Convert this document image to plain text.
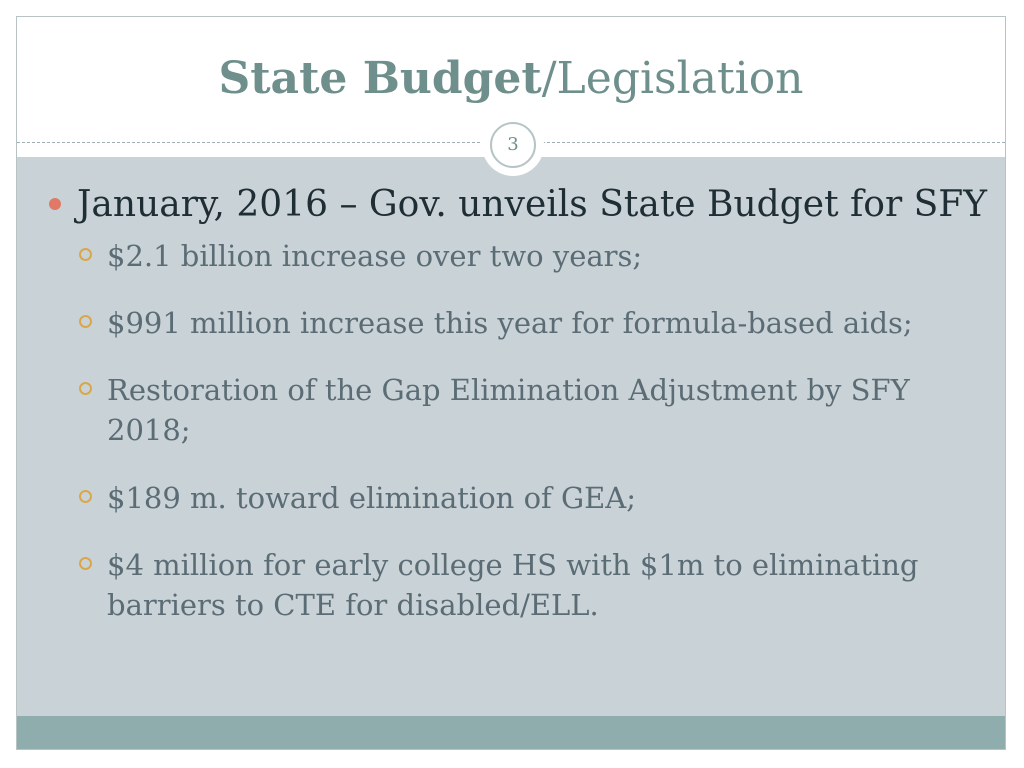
State Budget/Legislation
3
January, 2016 – Gov. unveils State Budget for SFY
$2.1 billion increase over two years;
$991 million increase this year for formula-based aids;
Restoration of the Gap Elimination Adjustment by SFY 2018;
$189 m. toward elimination of GEA;
$4 million for early college HS with $1m to eliminating barriers to CTE for disabled/ELL.
